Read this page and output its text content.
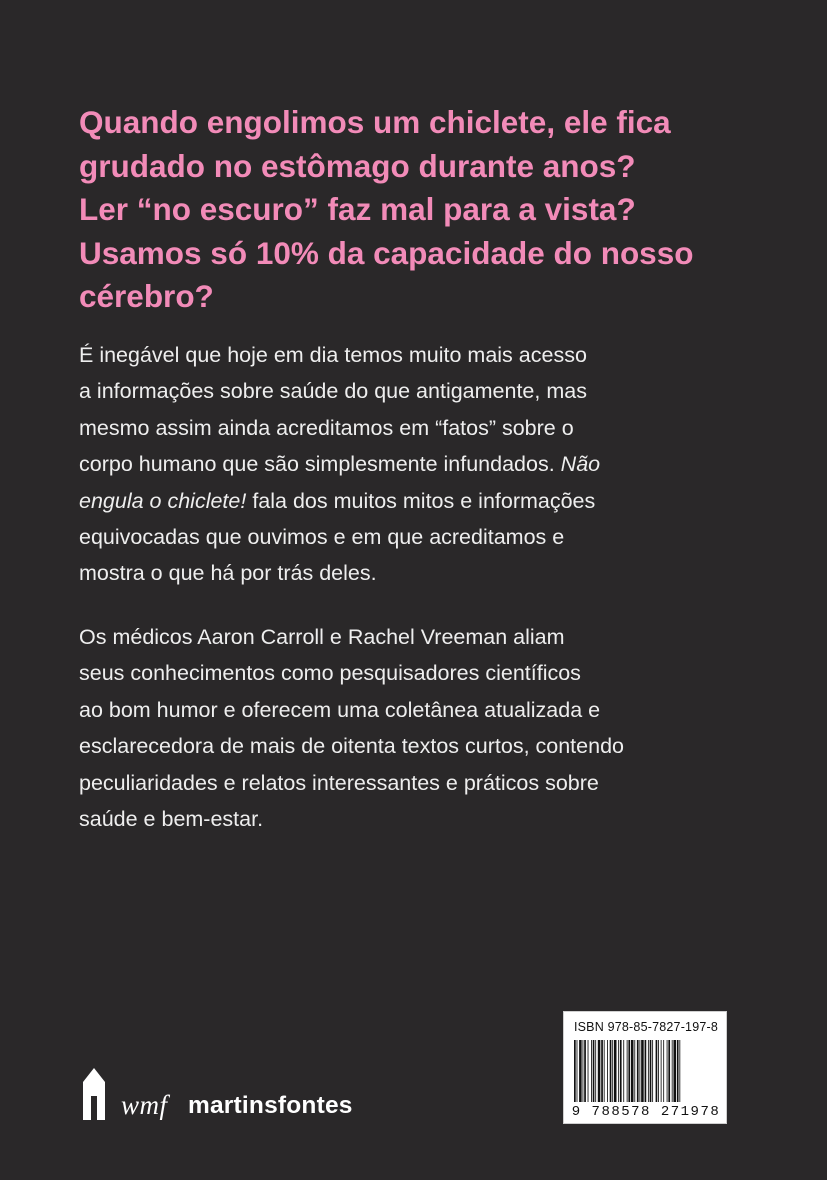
Quando engolimos um chiclete, ele fica
grudado no estômago durante anos?
Ler “no escuro” faz mal para a vista?
Usamos só 10% da capacidade do nosso
cérebro?

É inegável que hoje em dia temos muito mais acesso
a informações sobre saúde do que antigamente, mas
mesmo assim ainda acreditamos em “fatos” sobre o
corpo humano que são simplesmente infundados. Não
engula o chiclete! fala dos muitos mitos e informações
equivocadas que ouvimos e em que acreditamos e
mostra o que há por trás deles.

Os médicos Aaron Carroll e Rachel Vreeman aliam
seus conhecimentos como pesquisadores científicos
ao bom humor e oferecem uma coletânea atualizada e
esclarecedora de mais de oitenta textos curtos, contendo
peculiaridades e relatos interessantes e práticos sobre
saúde e bem-estar.

wmf martinsfontes
ISBN 978-85-7827-197-8
9 788578 271978
